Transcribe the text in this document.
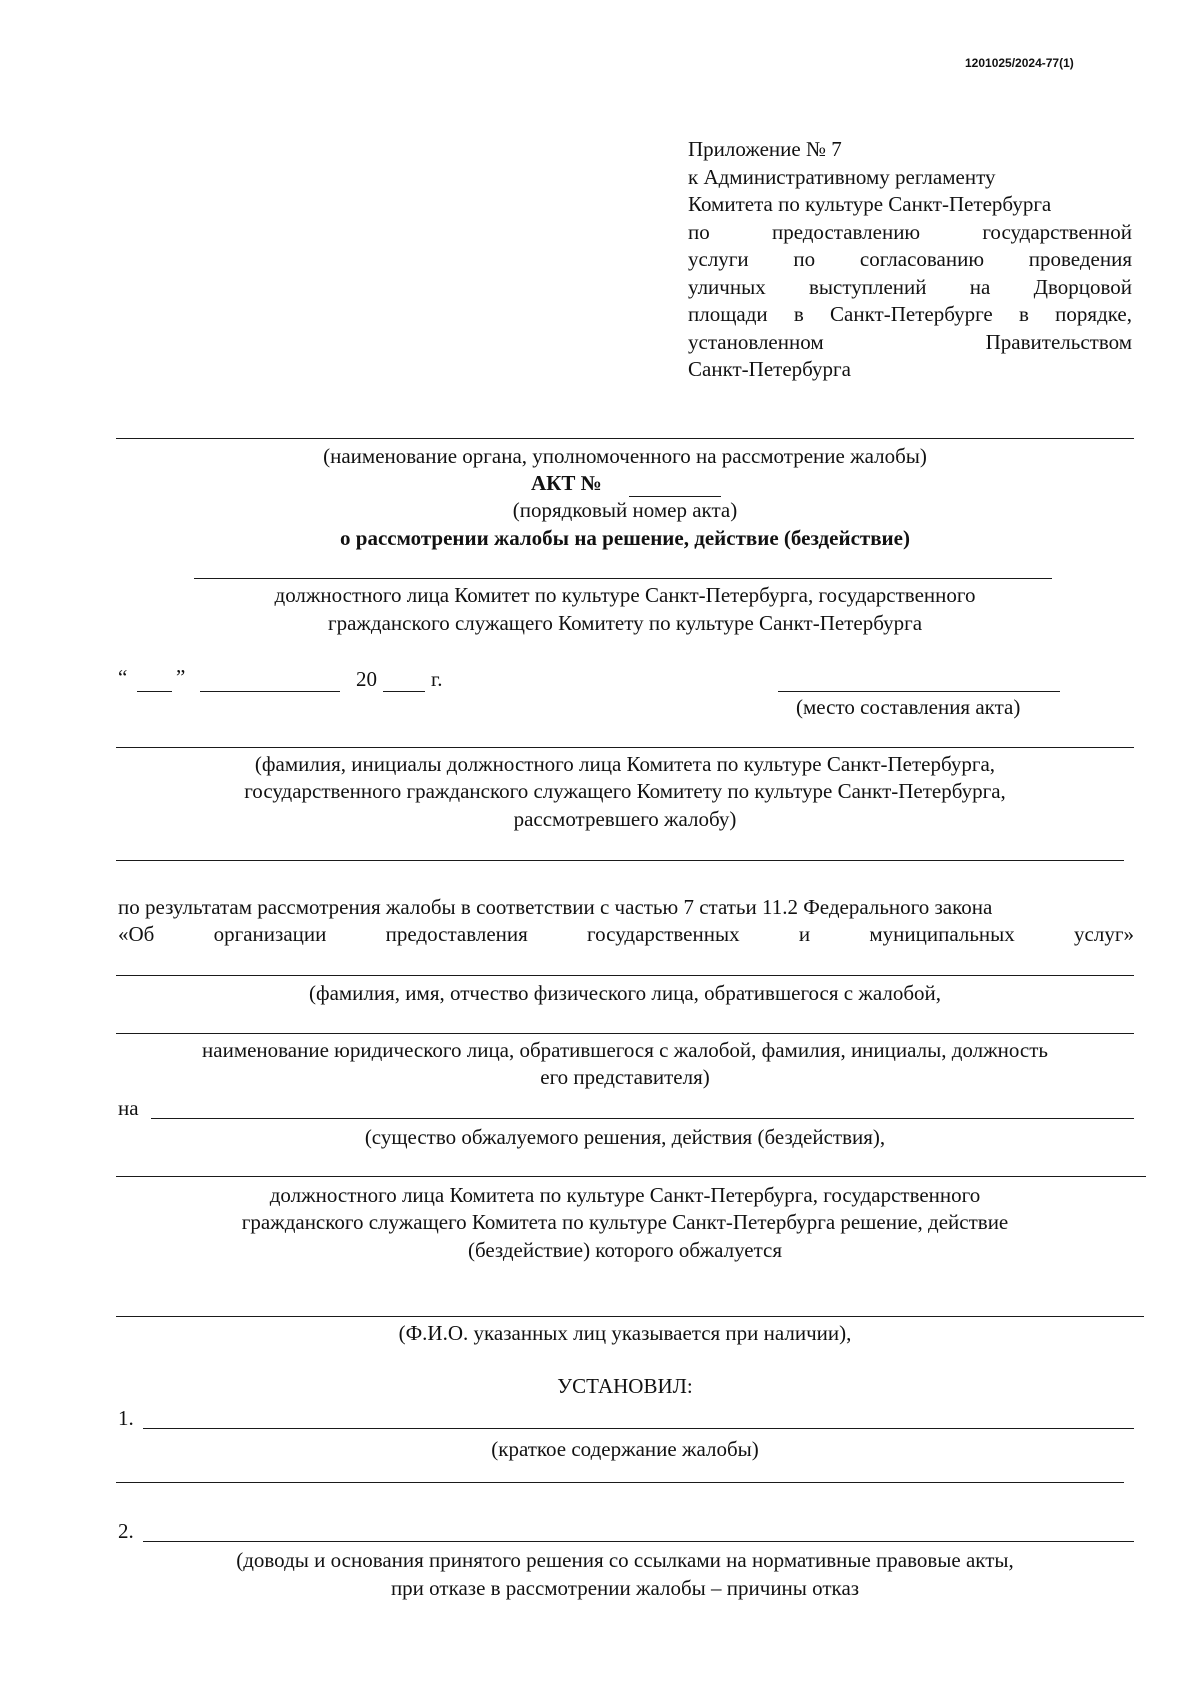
1201025/2024-77(1)
Приложение № 7
к Административному регламенту
Комитета по культуре Санкт-Петербурга
по предоставлению государственной
услуги по согласованию проведения
уличных выступлений на Дворцовой
площади в Санкт-Петербурге в порядке,
установленном Правительством
Санкт-Петербурга
(наименование органа, уполномоченного на рассмотрение жалобы)
АКТ №
(порядковый номер акта)
о рассмотрении жалобы на решение, действие (бездействие)
должностного лица Комитет по культуре Санкт-Петербурга, государственного
гражданского служащего Комитету по культуре Санкт-Петербурга
“ ”	20	г.
(место составления акта)
(фамилия, инициалы должностного лица Комитета по культуре Санкт-Петербурга,
государственного гражданского служащего Комитету по культуре Санкт-Петербурга,
рассмотревшего жалобу)
по результатам рассмотрения жалобы в соответствии с частью 7 статьи 11.2 Федерального закона
«Об	организации	предоставления	государственных	и	муниципальных	услуг»
(фамилия, имя, отчество физического лица, обратившегося с жалобой,
наименование юридического лица, обратившегося с жалобой, фамилия, инициалы, должность
его представителя)
на
(существо обжалуемого решения, действия (бездействия),
должностного лица Комитета по культуре Санкт-Петербурга, государственного
гражданского служащего Комитета по культуре Санкт-Петербурга решение, действие
(бездействие) которого обжалуется
(Ф.И.О. указанных лиц указывается при наличии),
УСТАНОВИЛ:
1.
(краткое содержание жалобы)
2.
(доводы и основания принятого решения со ссылками на нормативные правовые акты,
при отказе в рассмотрении жалобы – причины отказ
